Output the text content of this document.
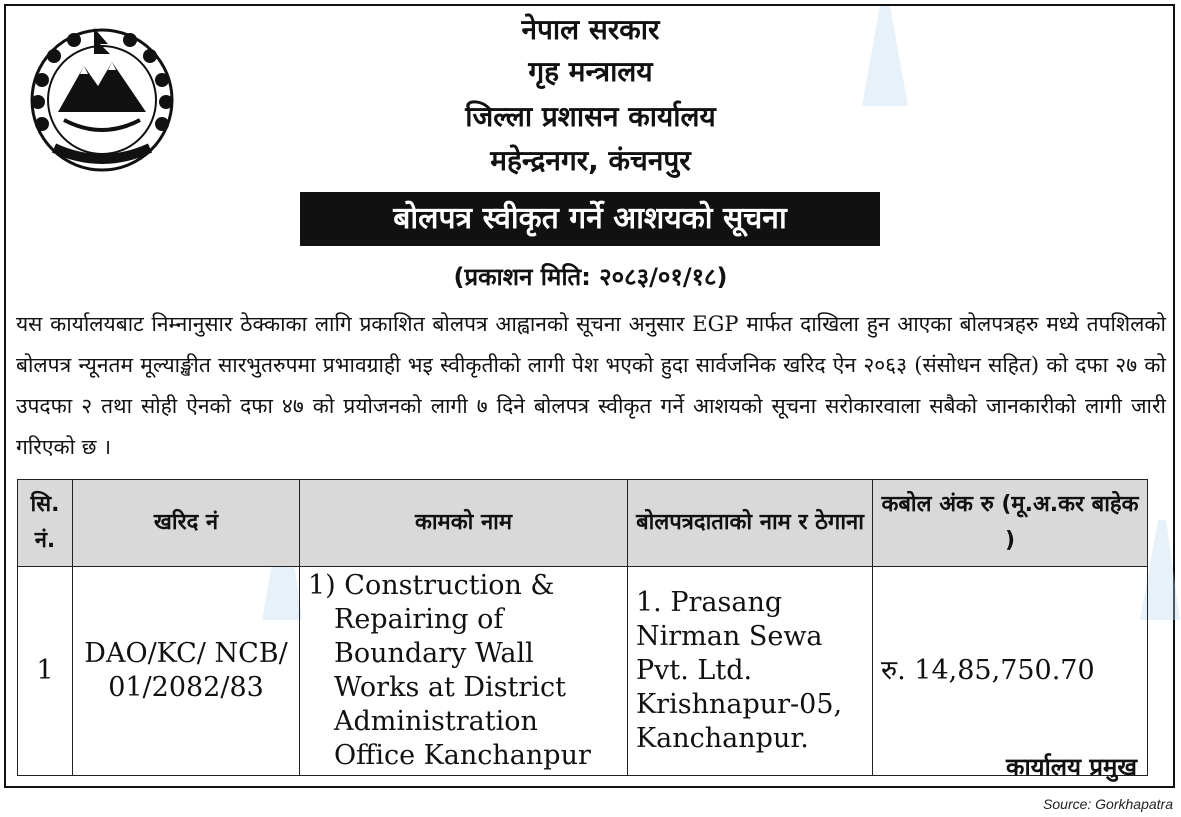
नेपाल सरकार
गृह मन्त्रालय
जिल्ला प्रशासन कार्यालय
महेन्द्रनगर, कंचनपुर
बोलपत्र स्वीकृत गर्ने आशयको सूचना
(प्रकाशन मिति: २०८३/०१/१८)
यस कार्यालयबाट निम्नानुसार ठेक्काका लागि प्रकाशित बोलपत्र आह्वानको सूचना अनुसार EGP मार्फत दाखिला हुन आएका बोलपत्रहरु मध्ये तपशिलको बोलपत्र न्यूनतम मूल्याङ्खीत सारभुतरुपमा प्रभावग्राही भइ स्वीकृतीको लागी पेश भएको हुदा सार्वजनिक खरिद ऐन २०६३ (संसोधन सहित) को दफा २७ को उपदफा २ तथा सोही ऐनको दफा ४७ को प्रयोजनको लागी ७ दिने बोलपत्र स्वीकृत गर्ने आशयको सूचना सरोकारवाला सबैको जानकारीको लागी जारी गरिएको छ ।
सि. नं.	खरिद नं	कामको नाम	बोलपत्रदाताको नाम र ठेगाना	कबोल अंक रु (मू.अ.कर बाहेक )
1	DAO/KC/ NCB/ 01/2082/83	1) Construction & Repairing of Boundary Wall Works at District Administration Office Kanchanpur	1. Prasang Nirman Sewa Pvt. Ltd. Krishnapur-05, Kanchanpur.	रु. 14,85,750.70
कार्यालय प्रमुख
Source: Gorkhapatra
